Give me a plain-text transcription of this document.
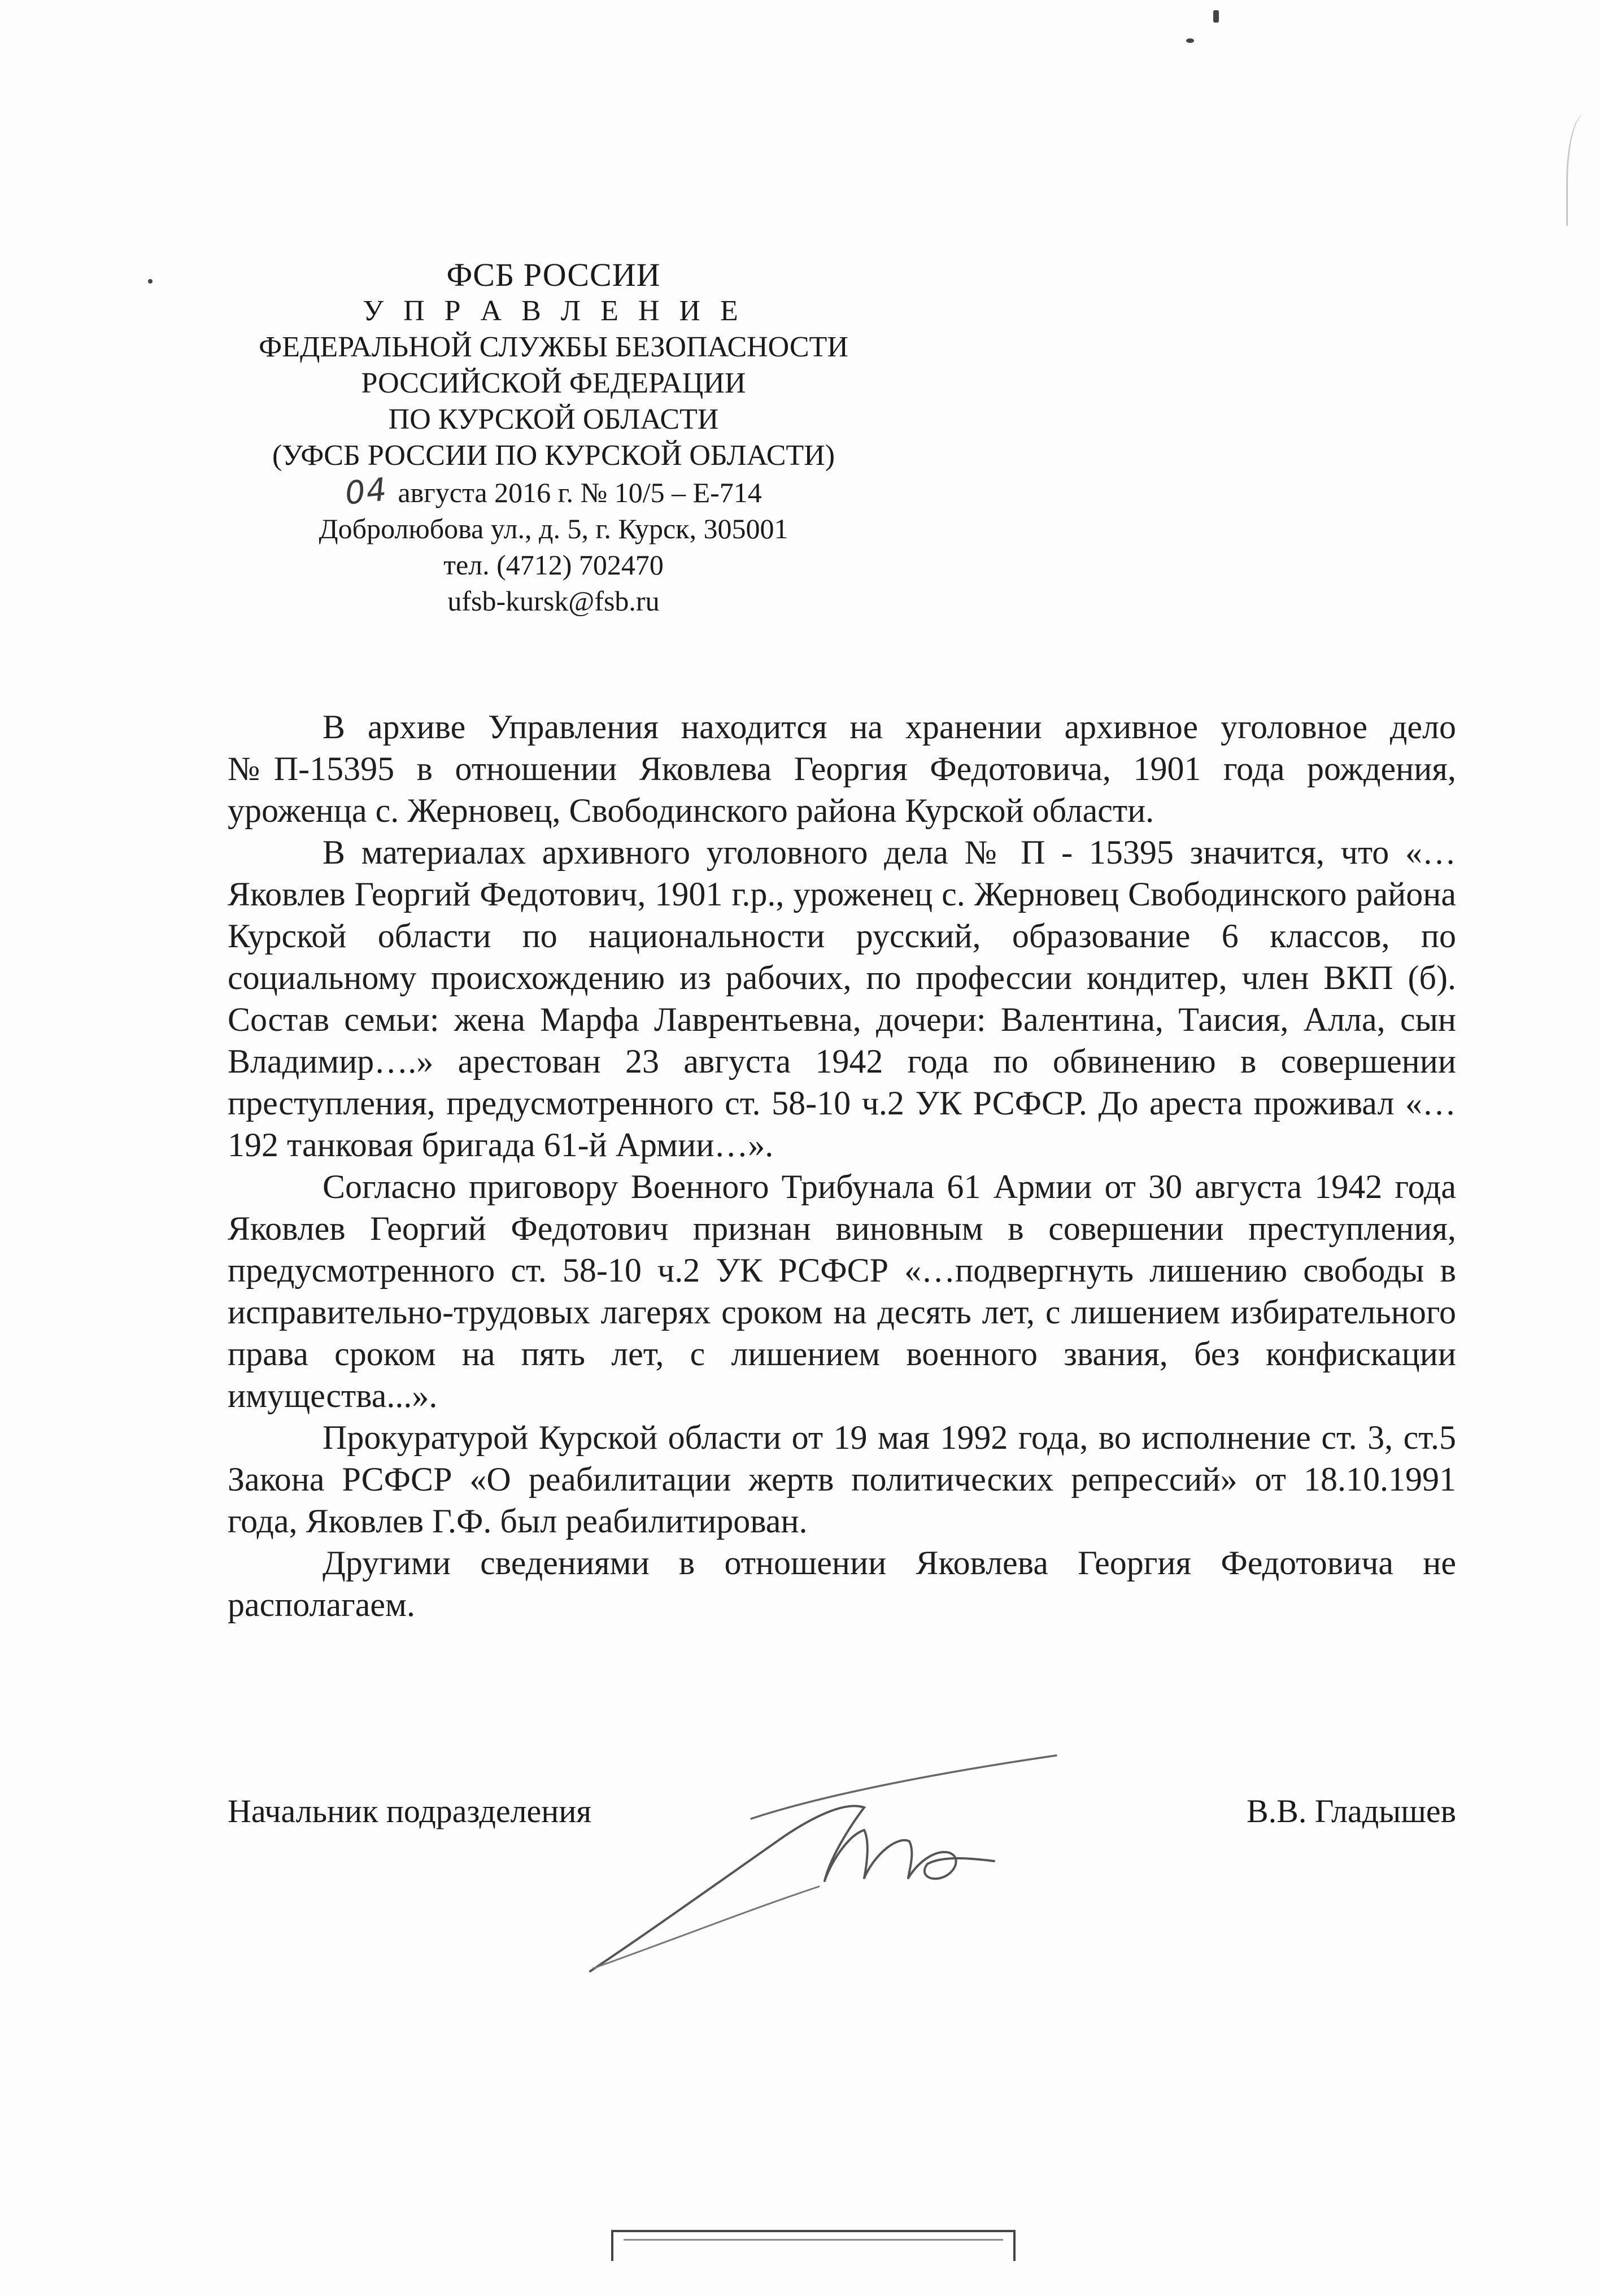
ФСБ РОССИИ
У П Р А В Л Е Н И Е
ФЕДЕРАЛЬНОЙ СЛУЖБЫ БЕЗОПАСНОСТИ
РОССИЙСКОЙ ФЕДЕРАЦИИ
ПО КУРСКОЙ ОБЛАСТИ
(УФСБ РОССИИ ПО КУРСКОЙ ОБЛАСТИ)
04 августа 2016 г. № 10/5 – Е-714
Добролюбова ул., д. 5, г. Курск, 305001
тел. (4712) 702470
ufsb-kursk@fsb.ru

В архиве Управления находится на хранении архивное уголовное дело №П-15395 в отношении Яковлева Георгия Федотовича, 1901 года рождения, уроженца с. Жерновец, Свободинского района Курской области.

В материалах архивного уголовного дела № П - 15395 значится, что «…Яковлев Георгий Федотович, 1901 г.р., уроженец с. Жерновец Свободинского района Курской области по национальности русский, образование 6 классов, по социальному происхождению из рабочих, по профессии кондитер, член ВКП (б). Состав семьи: жена Марфа Лаврентьевна, дочери: Валентина, Таисия, Алла, сын Владимир….» арестован 23 августа 1942 года по обвинению в совершении преступления, предусмотренного ст. 58-10 ч.2 УК РСФСР. До ареста проживал «…192 танковая бригада 61-й Армии…».

Согласно приговору Военного Трибунала 61 Армии от 30 августа 1942 года Яковлев Георгий Федотович признан виновным в совершении преступления, предусмотренного ст. 58-10 ч.2 УК РСФСР «…подвергнуть лишению свободы в исправительно-трудовых лагерях сроком на десять лет, с лишением избирательного права сроком на пять лет, с лишением военного звания, без конфискации имущества...».

Прокуратурой Курской области от 19 мая 1992 года, во исполнение ст. 3, ст.5 Закона РСФСР «О реабилитации жертв политических репрессий» от 18.10.1991 года, Яковлев Г.Ф. был реабилитирован.

Другими сведениями в отношении Яковлева Георгия Федотовича не располагаем.

Начальник подразделения	В.В. Гладышев
